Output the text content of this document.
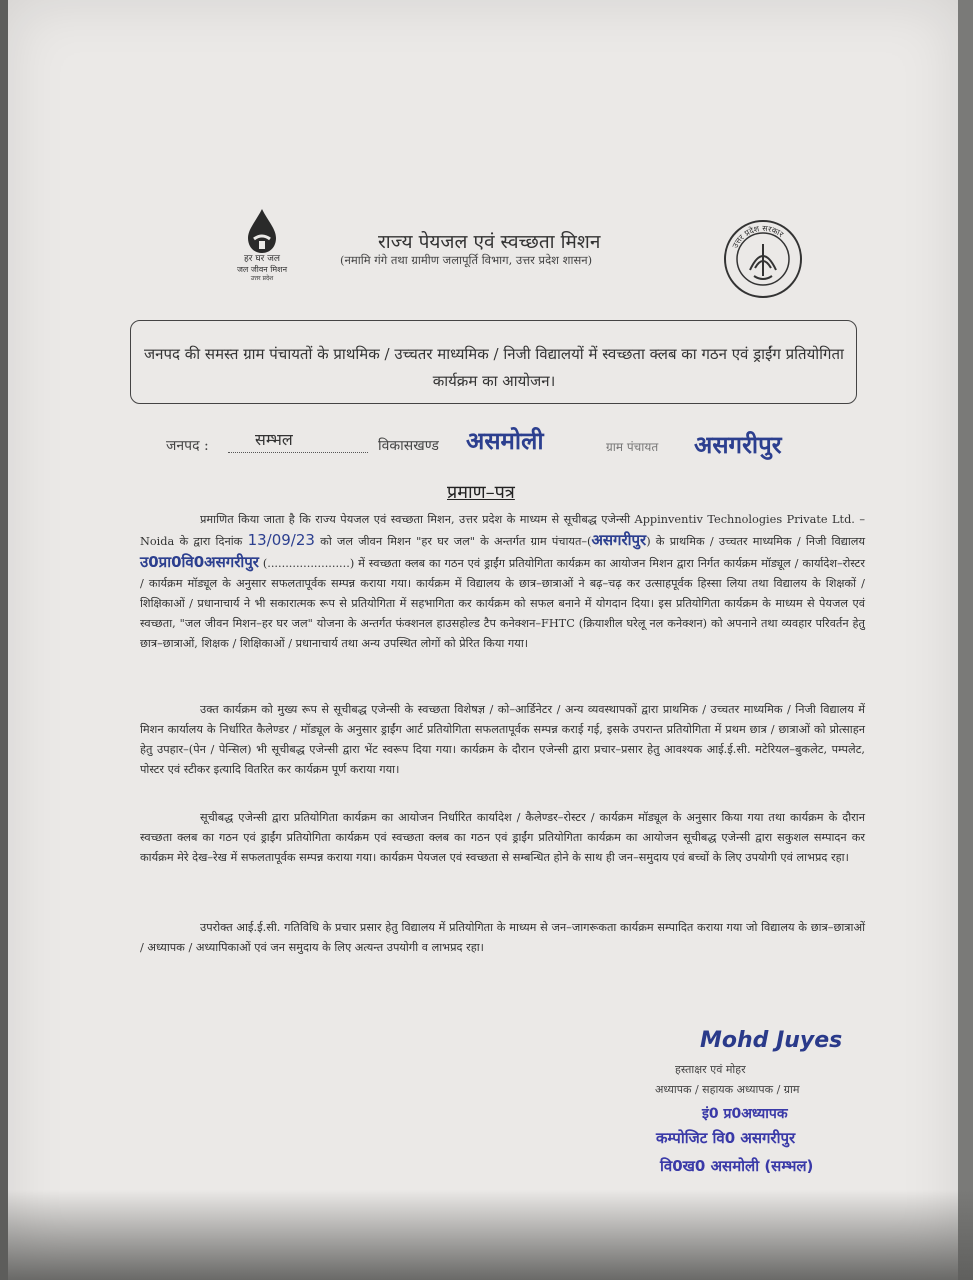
हर घर जल
जल जीवन मिशन
उत्तर प्रदेश
राज्य पेयजल एवं स्वच्छता मिशन
(नमामि गंगे तथा ग्रामीण जलापूर्ति विभाग, उत्तर प्रदेश शासन)
उत्तर प्रदेश सरकार
जनपद की समस्त ग्राम पंचायतों के प्राथमिक / उच्चतर माध्यमिक / निजी विद्यालयों में स्वच्छता क्लब का गठन एवं ड्राईंग प्रतियोगिता कार्यक्रम का आयोजन।
जनपद :	सम्भल	विकासखण्ड असमोली	ग्राम पंचायत असगरीपुर
प्रमाण–पत्र

प्रमाणित किया जाता है कि राज्य पेयजल एवं स्वच्छता मिशन, उत्तर प्रदेश के माध्यम से सूचीबद्ध एजेन्सी Appinventiv Technologies Private Ltd. – Noida के द्वारा दिनांक 13/09/23 को जल जीवन मिशन "हर घर जल" के अन्तर्गत ग्राम पंचायत–(असगरीपुर) के प्राथमिक / उच्चतर माध्यमिक / निजी विद्यालय उ0प्रा0वि0असगरीपुर (.......................) में स्वच्छता क्लब का गठन एवं ड्राईंग प्रतियोगिता कार्यक्रम का आयोजन मिशन द्वारा निर्गत कार्यक्रम मॉड्यूल / कार्यादेश–रोस्टर / कार्यक्रम मॉड्यूल के अनुसार सफलतापूर्वक सम्पन्न कराया गया। कार्यक्रम में विद्यालय के छात्र–छात्राओं ने बढ़–चढ़ कर उत्साहपूर्वक हिस्सा लिया तथा विद्यालय के शिक्षकों / शिक्षिकाओं / प्रधानाचार्य ने भी सकारात्मक रूप से प्रतियोगिता में सहभागिता कर कार्यक्रम को सफल बनाने में योगदान दिया। इस प्रतियोगिता कार्यक्रम के माध्यम से पेयजल एवं स्वच्छता, "जल जीवन मिशन–हर घर जल" योजना के अन्तर्गत फंक्शनल हाउसहोल्ड टैप कनेक्शन–FHTC (क्रियाशील घरेलू नल कनेक्शन) को अपनाने तथा व्यवहार परिवर्तन हेतु छात्र–छात्राओं, शिक्षक / शिक्षिकाओं / प्रधानाचार्य तथा अन्य उपस्थित लोगों को प्रेरित किया गया।

उक्त कार्यक्रम को मुख्य रूप से सूचीबद्ध एजेन्सी के स्वच्छता विशेषज्ञ / को–आर्डिनेटर / अन्य व्यवस्थापकों द्वारा प्राथमिक / उच्चतर माध्यमिक / निजी विद्यालय में मिशन कार्यालय के निर्धारित कैलेण्डर / मॉड्यूल के अनुसार ड्राईंग आर्ट प्रतियोगिता सफलतापूर्वक सम्पन्न कराई गई, इसके उपरान्त प्रतियोगिता में प्रथम छात्र / छात्राओं को प्रोत्साहन हेतु उपहार–(पेन / पेन्सिल) भी सूचीबद्ध एजेन्सी द्वारा भेंट स्वरूप दिया गया। कार्यक्रम के दौरान एजेन्सी द्वारा प्रचार–प्रसार हेतु आवश्यक आई.ई.सी. मटेरियल–बुकलेट, पम्पलेट, पोस्टर एवं स्टीकर इत्यादि वितरित कर कार्यक्रम पूर्ण कराया गया।

सूचीबद्ध एजेन्सी द्वारा प्रतियोगिता कार्यक्रम का आयोजन निर्धारित कार्यादेश / कैलेण्डर–रोस्टर / कार्यक्रम मॉड्यूल के अनुसार किया गया तथा कार्यक्रम के दौरान स्वच्छता क्लब का गठन एवं ड्राईंग प्रतियोगिता कार्यक्रम एवं स्वच्छता क्लब का गठन एवं ड्राईंग प्रतियोगिता कार्यक्रम का आयोजन सूचीबद्ध एजेन्सी द्वारा सकुशल सम्पादन कर कार्यक्रम मेरे देख–रेख में सफलतापूर्वक सम्पन्न कराया गया। कार्यक्रम पेयजल एवं स्वच्छता से सम्बन्धित होने के साथ ही जन–समुदाय एवं बच्चों के लिए उपयोगी एवं लाभप्रद रहा।

उपरोक्त आई.ई.सी. गतिविधि के प्रचार प्रसार हेतु विद्यालय में प्रतियोगिता के माध्यम से जन–जागरूकता कार्यक्रम सम्पादित कराया गया जो विद्यालय के छात्र–छात्राओं / अध्यापक / अध्यापिकाओं एवं जन समुदाय के लिए अत्यन्त उपयोगी व लाभप्रद रहा।

Mohd Juyes
हस्ताक्षर एवं मोहर
अध्यापक / सहायक अध्यापक / ग्राम
इं0 प्र0अध्यापक
कम्पोजिट वि0 असगरीपुर
वि0ख0 असमोली (सम्भल)
